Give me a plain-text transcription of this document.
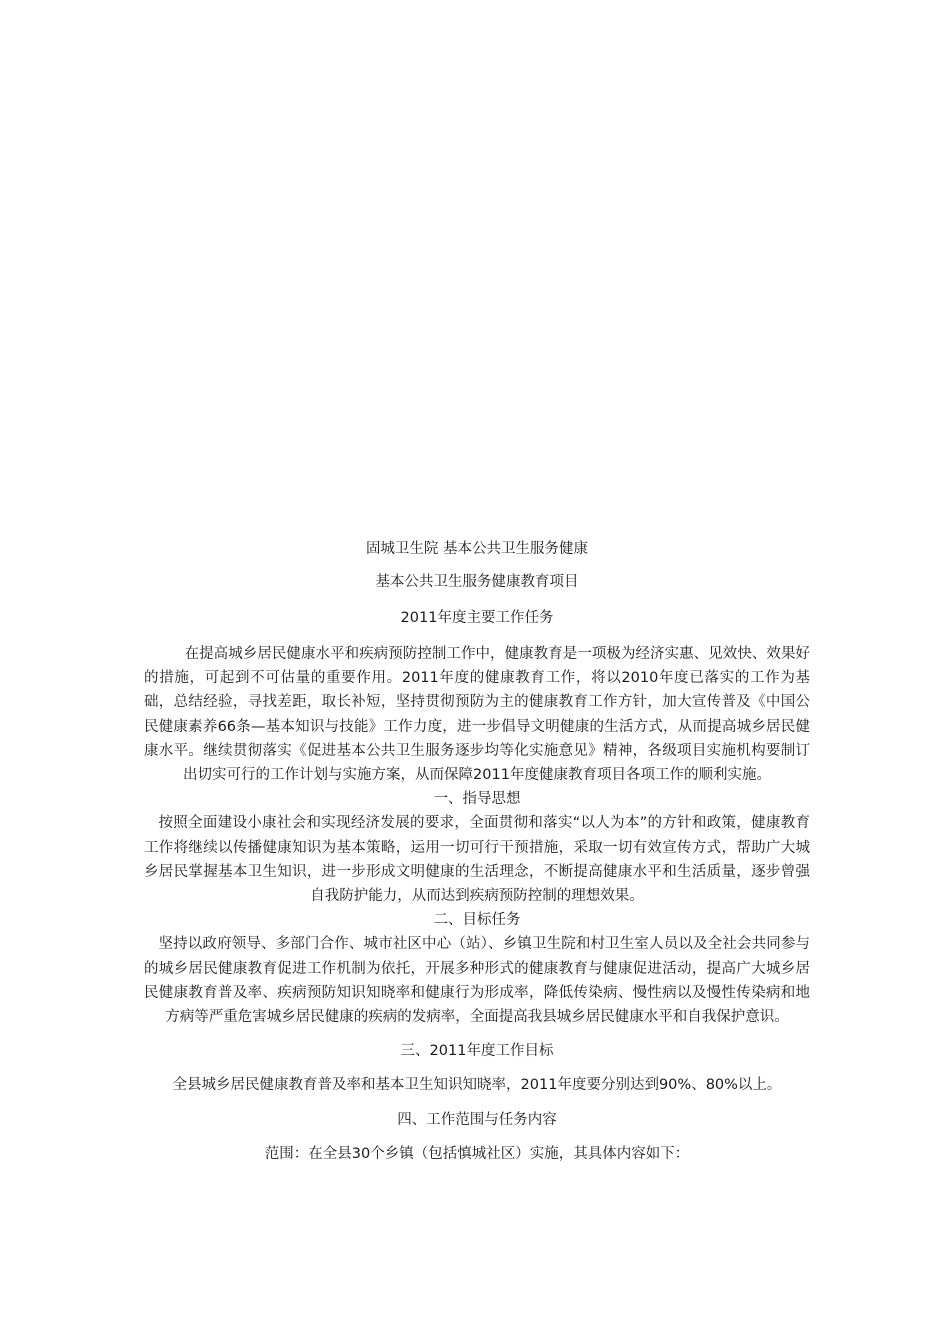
固城卫生院 基本公共卫生服务健康

基本公共卫生服务健康教育项目

2011年度主要工作任务

在提高城乡居民健康水平和疾病预防控制工作中，健康教育是一项极为经济实惠、见效快、效果好的措施，可起到不可估量的重要作用。2011年度的健康教育工作，将以2010年度已落实的工作为基础，总结经验，寻找差距，取长补短，坚持贯彻预防为主的健康教育工作方针，加大宣传普及《中国公民健康素养66条—基本知识与技能》工作力度，进一步倡导文明健康的生活方式，从而提高城乡居民健康水平。继续贯彻落实《促进基本公共卫生服务逐步均等化实施意见》精神，各级项目实施机构要制订出切实可行的工作计划与实施方案，从而保障2011年度健康教育项目各项工作的顺利实施。

一、指导思想

按照全面建设小康社会和实现经济发展的要求，全面贯彻和落实“以人为本”的方针和政策，健康教育工作将继续以传播健康知识为基本策略，运用一切可行干预措施，采取一切有效宣传方式，帮助广大城乡居民掌握基本卫生知识，进一步形成文明健康的生活理念，不断提高健康水平和生活质量，逐步曾强自我防护能力，从而达到疾病预防控制的理想效果。

二、目标任务

坚持以政府领导、多部门合作、城市社区中心（站）、乡镇卫生院和村卫生室人员以及全社会共同参与的城乡居民健康教育促进工作机制为依托，开展多种形式的健康教育与健康促进活动，提高广大城乡居民健康教育普及率、疾病预防知识知晓率和健康行为形成率，降低传染病、慢性病以及慢性传染病和地方病等严重危害城乡居民健康的疾病的发病率，全面提高我县城乡居民健康水平和自我保护意识。

三、2011年度工作目标

全县城乡居民健康教育普及率和基本卫生知识知晓率，2011年度要分别达到90%、80%以上。

四、工作范围与任务内容

范围：在全县30个乡镇（包括慎城社区）实施，其具体内容如下：
